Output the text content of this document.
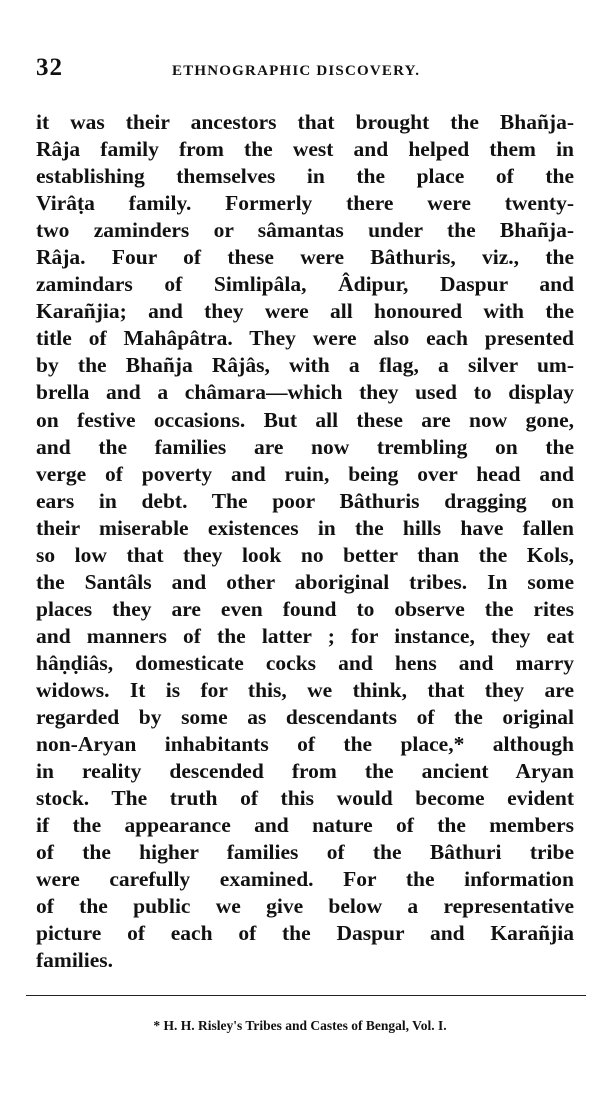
32	ETHNOGRAPHIC DISCOVERY.
it was their ancestors that brought the Bhañja-
Râja family from the west and helped them in
establishing themselves in the place of the
Virâṭa family. Formerly there were twenty-
two zaminders or sâmantas under the Bhañja-
Râja. Four of these were Bâthuris, viz., the
zamindars of Simlipâla, Âdipur, Daspur and
Karañjia; and they were all honoured with the
title of Mahâpâtra. They were also each presented
by the Bhañja Râjâs, with a flag, a silver um-
brella and a châmara—which they used to display
on festive occasions. But all these are now gone,
and the families are now trembling on the
verge of poverty and ruin, being over head and
ears in debt. The poor Bâthuris dragging on
their miserable existences in the hills have fallen
so low that they look no better than the Kols,
the Santâls and other aboriginal tribes. In some
places they are even found to observe the rites
and manners of the latter ; for instance, they eat
hâṇḍiâs, domesticate cocks and hens and marry
widows. It is for this, we think, that they are
regarded by some as descendants of the original
non-Aryan inhabitants of the place,* although
in reality descended from the ancient Aryan
stock. The truth of this would become evident
if the appearance and nature of the members
of the higher families of the Bâthuri tribe
were carefully examined. For the information
of the public we give below a representative
picture of each of the Daspur and Karañjia
families.
* H. H. Risley's Tribes and Castes of Bengal, Vol. I.
